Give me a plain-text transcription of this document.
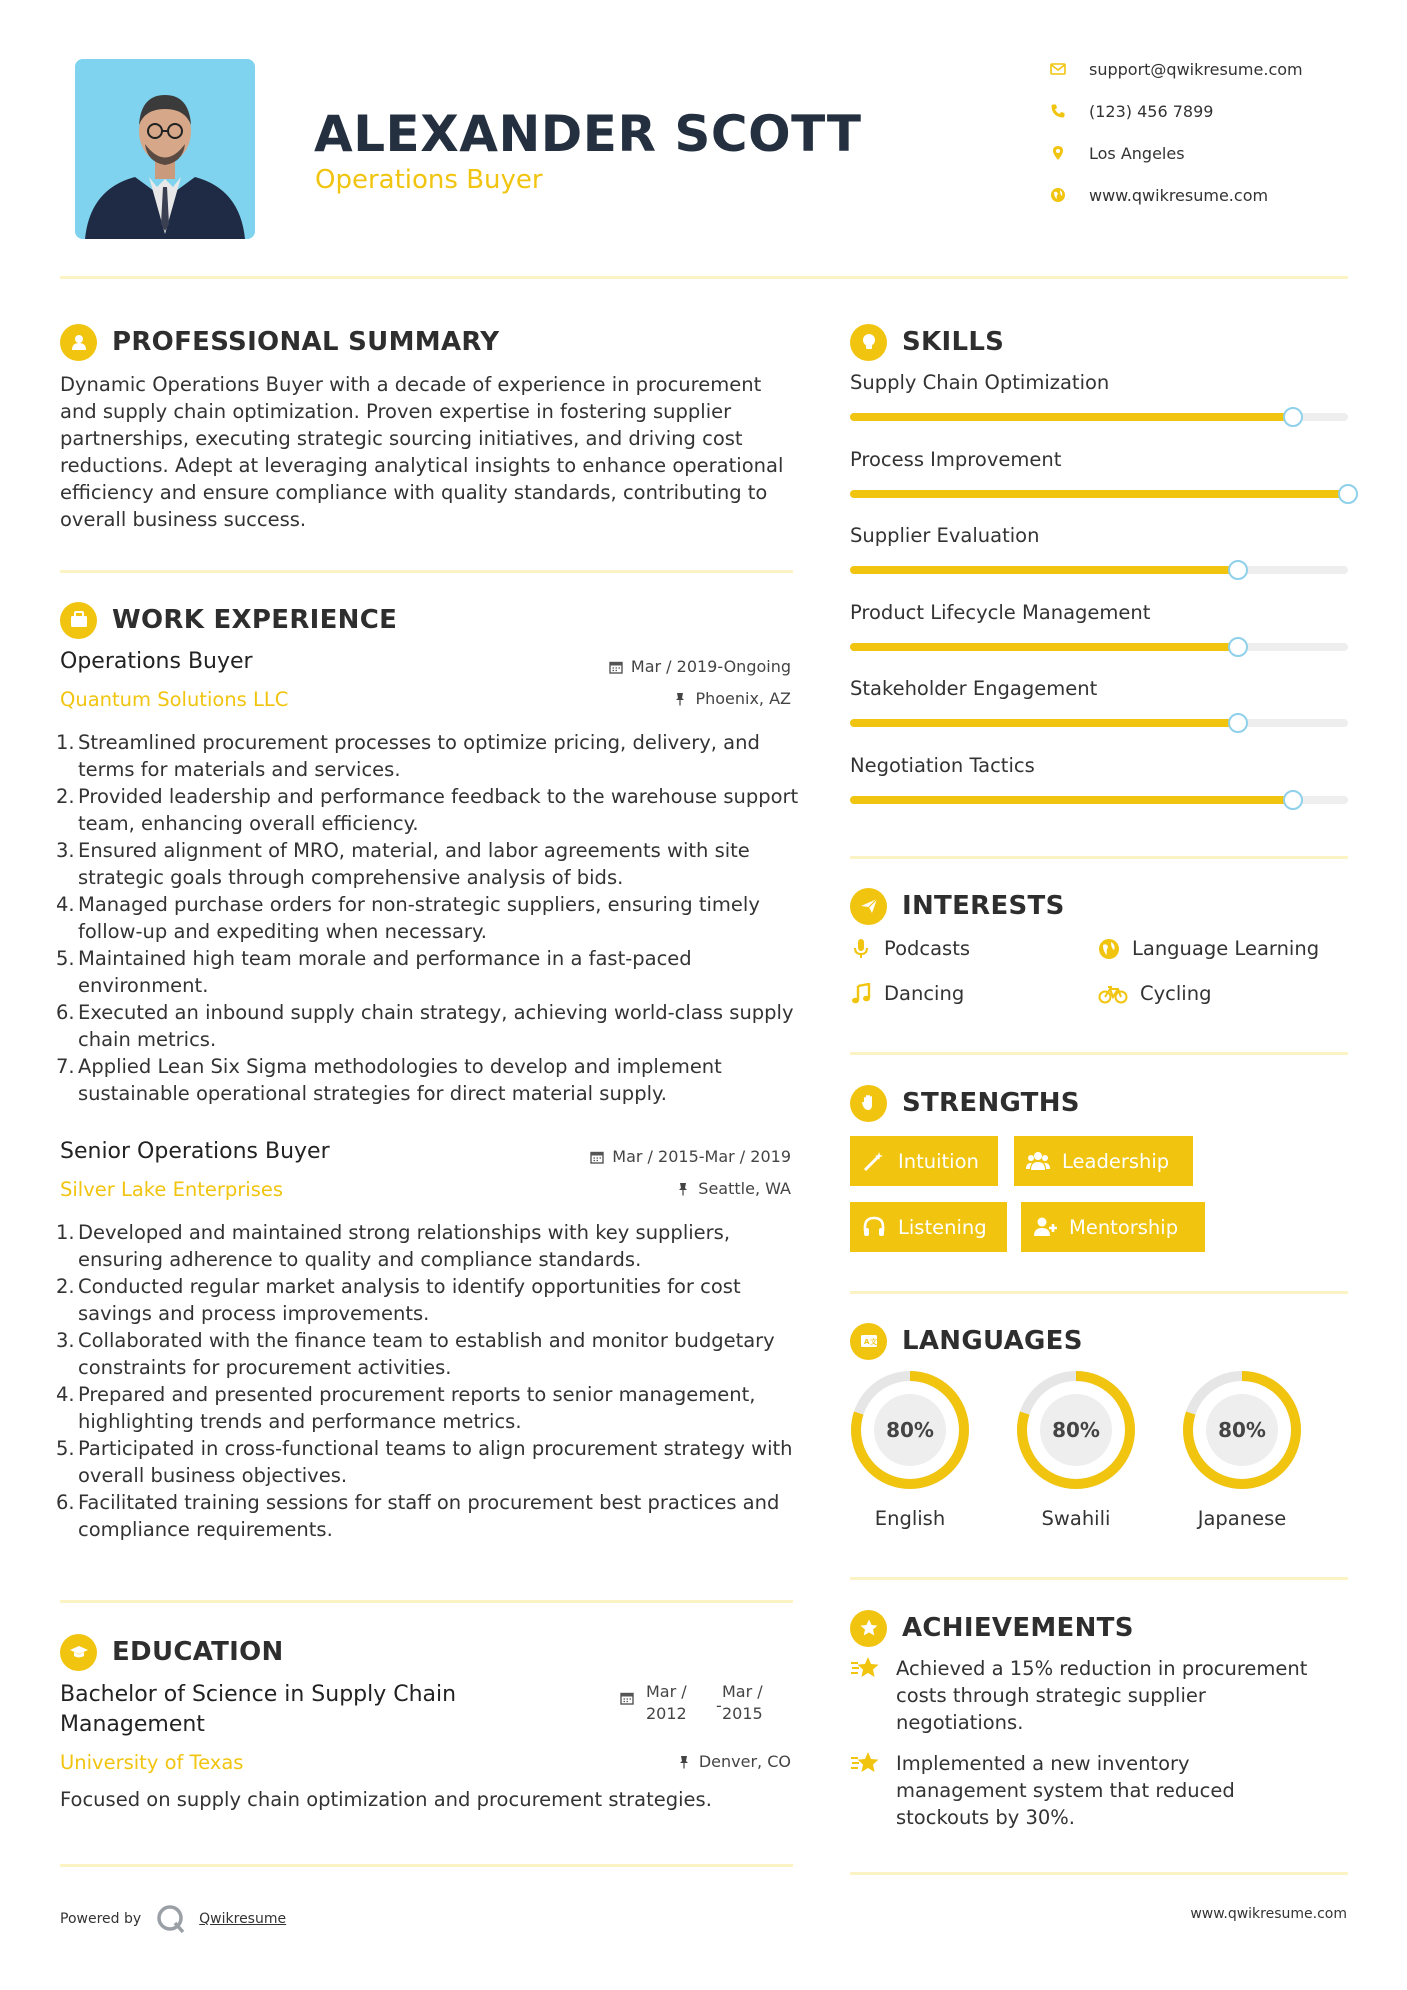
ALEXANDER SCOTT
Operations Buyer
support@qwikresume.com
(123) 456 7899
Los Angeles
www.qwikresume.com
PROFESSIONAL SUMMARY
Dynamic Operations Buyer with a decade of experience in procurement and supply chain optimization. Proven expertise in fostering supplier partnerships, executing strategic sourcing initiatives, and driving cost reductions. Adept at leveraging analytical insights to enhance operational efficiency and ensure compliance with quality standards, contributing to overall business success.
WORK EXPERIENCE
Operations Buyer
Quantum Solutions LLC
Mar / 2019-Ongoing
Phoenix, AZ
1. Streamlined procurement processes to optimize pricing, delivery, and terms for materials and services.
2. Provided leadership and performance feedback to the warehouse support team, enhancing overall efficiency.
3. Ensured alignment of MRO, material, and labor agreements with site strategic goals through comprehensive analysis of bids.
4. Managed purchase orders for non-strategic suppliers, ensuring timely follow-up and expediting when necessary.
5. Maintained high team morale and performance in a fast-paced environment.
6. Executed an inbound supply chain strategy, achieving world-class supply chain metrics.
7. Applied Lean Six Sigma methodologies to develop and implement sustainable operational strategies for direct material supply.
Senior Operations Buyer
Silver Lake Enterprises
Mar / 2015-Mar / 2019
Seattle, WA
1. Developed and maintained strong relationships with key suppliers, ensuring adherence to quality and compliance standards.
2. Conducted regular market analysis to identify opportunities for cost savings and process improvements.
3. Collaborated with the finance team to establish and monitor budgetary constraints for procurement activities.
4. Prepared and presented procurement reports to senior management, highlighting trends and performance metrics.
5. Participated in cross-functional teams to align procurement strategy with overall business objectives.
6. Facilitated training sessions for staff on procurement best practices and compliance requirements.
EDUCATION
Bachelor of Science in Supply Chain
Management
University of Texas
Mar /
2012 -
Mar /
2015
Denver, CO
Focused on supply chain optimization and procurement strategies.
SKILLS
Supply Chain Optimization
Process Improvement
Supplier Evaluation
Product Lifecycle Management
Stakeholder Engagement
Negotiation Tactics
INTERESTS
Podcasts	Language Learning
Dancing	Cycling
STRENGTHS
Intuition	Leadership
Listening	Mentorship
A 文 LANGUAGES
80%
English
80%
Swahili
80%
Japanese
ACHIEVEMENTS
Achieved a 15% reduction in procurement
costs through strategic supplier
negotiations.
Implemented a new inventory
management system that reduced
stockouts by 30%.
Powered by	Qwikresume	www.qwikresume.com
